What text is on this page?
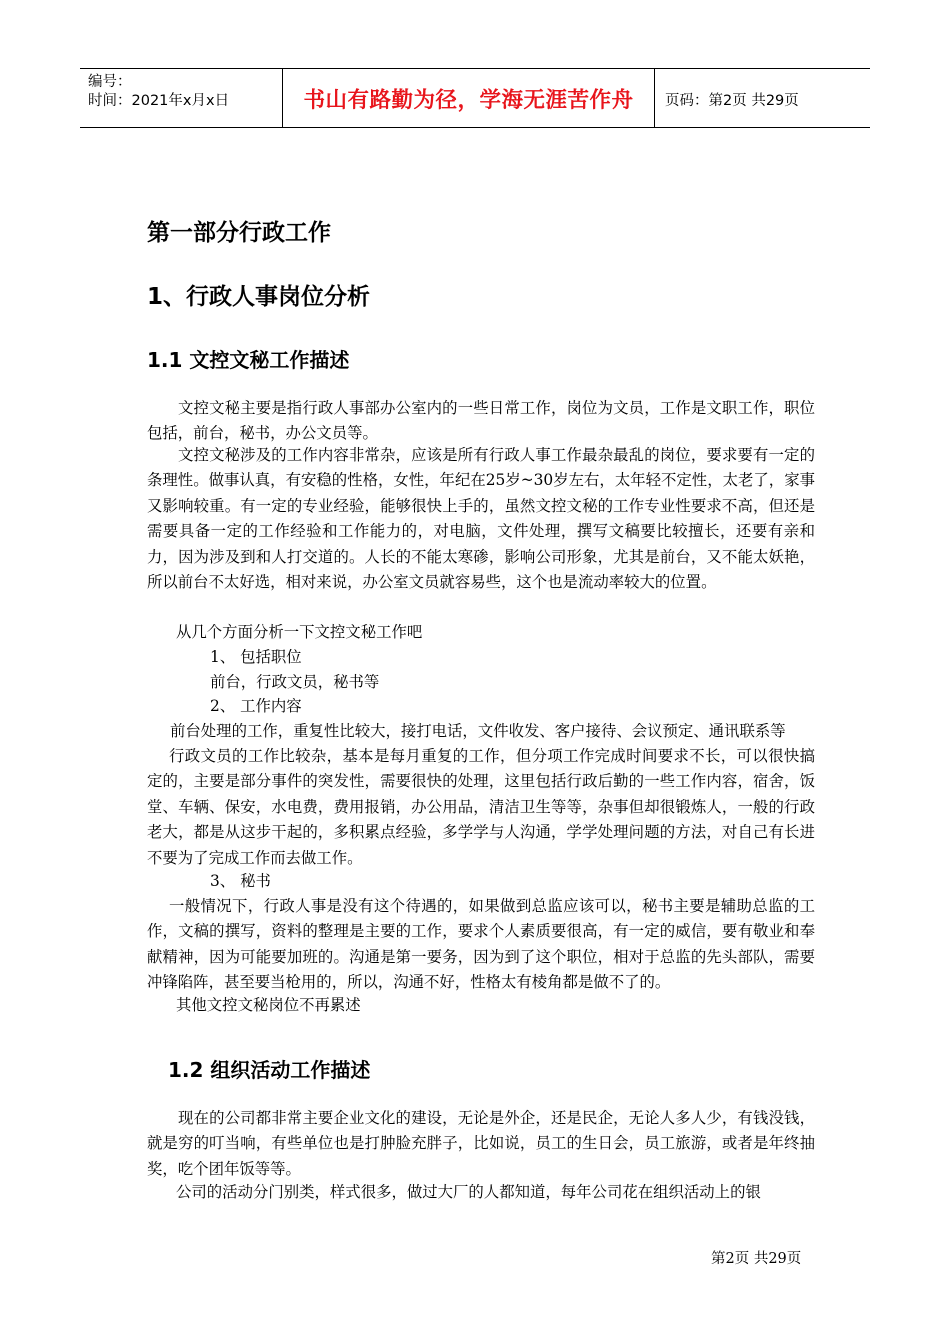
编号：
时间：2021年x月x日	书山有路勤为径，学海无涯苦作舟	页码：第2页 共29页
第一部分行政工作
1、行政人事岗位分析
1.1 文控文秘工作描述
文控文秘主要是指行政人事部办公室内的一些日常工作，岗位为文员，工作是文职工作，职位包括，前台，秘书，办公文员等。
文控文秘涉及的工作内容非常杂，应该是所有行政人事工作最杂最乱的岗位，要求要有一定的条理性。做事认真，有安稳的性格，女性，年纪在25岁~30岁左右，太年轻不定性，太老了，家事又影响较重。有一定的专业经验，能够很快上手的，虽然文控文秘的工作专业性要求不高，但还是需要具备一定的工作经验和工作能力的，对电脑，文件处理，撰写文稿要比较擅长，还要有亲和力，因为涉及到和人打交道的。人长的不能太寒碜，影响公司形象，尤其是前台，又不能太妖艳，所以前台不太好选，相对来说，办公室文员就容易些，这个也是流动率较大的位置。
从几个方面分析一下文控文秘工作吧
1、 包括职位
前台，行政文员，秘书等
2、 工作内容
前台处理的工作，重复性比较大，接打电话，文件收发、客户接待、会议预定、通讯联系等
行政文员的工作比较杂，基本是每月重复的工作，但分项工作完成时间要求不长，可以很快搞定的，主要是部分事件的突发性，需要很快的处理，这里包括行政后勤的一些工作内容，宿舍，饭堂、车辆、保安，水电费，费用报销，办公用品，清洁卫生等等，杂事但却很锻炼人，一般的行政老大，都是从这步干起的，多积累点经验，多学学与人沟通，学学处理问题的方法，对自己有长进不要为了完成工作而去做工作。
3、 秘书
一般情况下，行政人事是没有这个待遇的，如果做到总监应该可以，秘书主要是辅助总监的工作，文稿的撰写，资料的整理是主要的工作，要求个人素质要很高，有一定的威信，要有敬业和奉献精神，因为可能要加班的。沟通是第一要务，因为到了这个职位，相对于总监的先头部队，需要冲锋陷阵，甚至要当枪用的，所以，沟通不好，性格太有棱角都是做不了的。
其他文控文秘岗位不再累述
1.2 组织活动工作描述
现在的公司都非常主要企业文化的建设，无论是外企，还是民企，无论人多人少，有钱没钱，就是穷的叮当响，有些单位也是打肿脸充胖子，比如说，员工的生日会，员工旅游，或者是年终抽奖，吃个团年饭等等。
公司的活动分门别类，样式很多，做过大厂的人都知道，每年公司花在组织活动上的银
第2页 共29页
